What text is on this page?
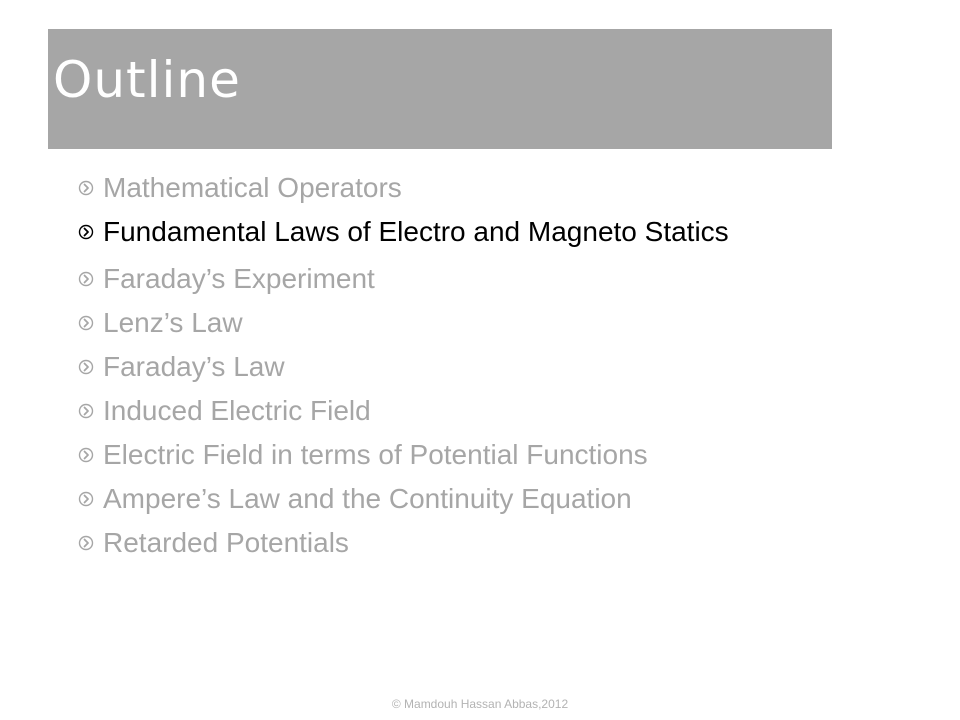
Outline
Mathematical Operators
Fundamental Laws of Electro and Magneto Statics
Faraday’s Experiment
Lenz’s Law
Faraday’s Law
Induced Electric Field
Electric Field in terms of Potential Functions
Ampere’s Law and the Continuity Equation
Retarded Potentials
© Mamdouh Hassan Abbas,2012
